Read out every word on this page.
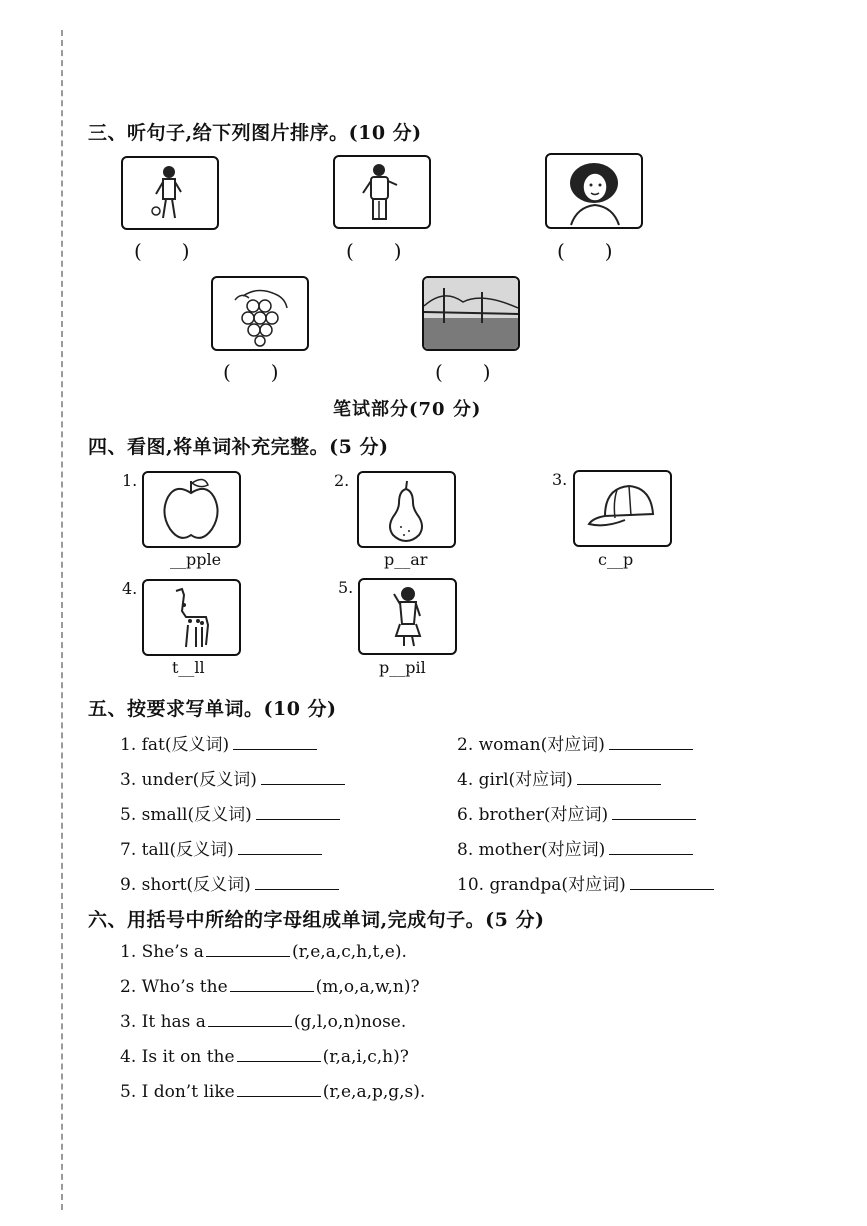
三、听句子,给下列图片排序。(10 分)
(　　)	(　　)	(　　)
(　　)	(　　)
笔试部分(70 分)
四、看图,将单词补充完整。(5 分)
1.
__pple
2.
p__ar
3.
c__p
4.
t__ll
5.
p__pil
五、按要求写单词。(10 分)
1. fat(反义词)	2. woman(对应词)
3. under(反义词)	4. girl(对应词)
5. small(反义词)	6. brother(对应词)
7. tall(反义词)	8. mother(对应词)
9. short(反义词)	10. grandpa(对应词)
六、用括号中所给的字母组成单词,完成句子。(5 分)
1. She’s a	(r,e,a,c,h,t,e).
2. Who’s the	(m,o,a,w,n)?
3. It has a	(g,l,o,n)nose.
4. Is it on the	(r,a,i,c,h)?
5. I don’t like	(r,e,a,p,g,s).
